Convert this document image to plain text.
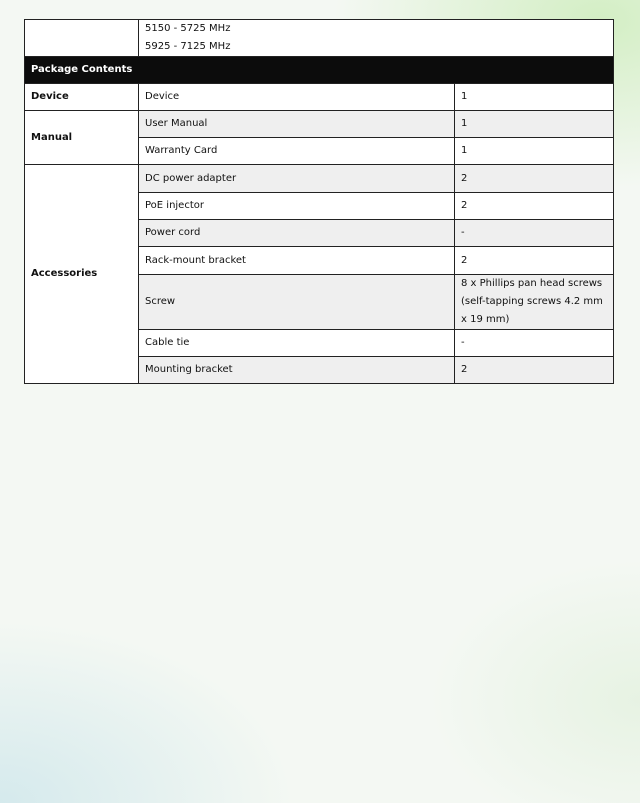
	5150 - 5725 MHz
5925 - 7125 MHz	

Package Contents		
Device	Device	1
Manual	User Manual	1
	Warranty Card	1
Accessories	DC power adapter	2
	PoE injector	2
	Power cord	-
	Rack-mount bracket	2
	Screw	8 x Phillips pan head screws (self-tapping screws 4.2 mm x 19 mm)
	Cable tie	-
	Mounting bracket	2
